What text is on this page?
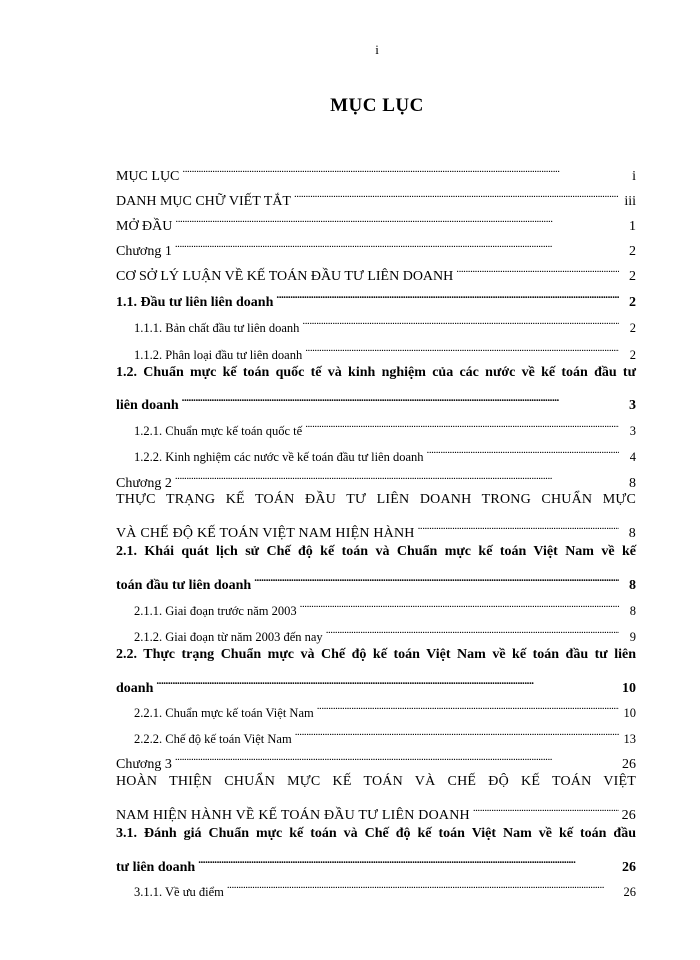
i
MỤC LỤC
MỤC LỤC . . .	i
DANH MỤC CHỮ VIẾT TẮT . . .	iii
MỞ ĐẦU . . .	1
Chương 1 . . .	2
CƠ SỞ LÝ LUẬN VỀ KẾ TOÁN ĐẦU TƯ LIÊN DOANH . . .	2
1.1. Đầu tư liên liên doanh . . .	2
1.1.1. Bản chất đầu tư liên doanh . . .	2
1.1.2. Phân loại đầu tư liên doanh . . .	2
1.2. Chuẩn mực kế toán quốc tế và kinh nghiệm của các nước về kế toán đầu tư
liên doanh . . .	3
1.2.1. Chuẩn mực kế toán quốc tế . . .	3
1.2.2. Kinh nghiệm các nước về kế toán đầu tư liên doanh . . .	4
Chương 2 . . .	8
THỰC TRẠNG KẾ TOÁN ĐẦU TƯ LIÊN DOANH TRONG CHUẨN MỰC
VÀ CHẾ ĐỘ KẾ TOÁN VIỆT NAM HIỆN HÀNH . . .	8
2.1. Khái quát lịch sử Chế độ kế toán và Chuẩn mực kế toán Việt Nam về kế
toán đầu tư liên doanh . . .	8
2.1.1. Giai đoạn trước năm 2003 . . .	8
2.1.2. Giai đoạn từ năm 2003 đến nay . . .	9
2.2. Thực trạng Chuẩn mực và Chế độ kế toán Việt Nam về kế toán đầu tư liên
doanh . . .	10
2.2.1. Chuẩn mực kế toán Việt Nam . . .	10
2.2.2. Chế độ kế toán Việt Nam . . .	13
Chương 3 . . .	26
HOÀN THIỆN CHUẨN MỰC KẾ TOÁN VÀ CHẾ ĐỘ KẾ TOÁN VIỆT
NAM HIỆN HÀNH VỀ KẾ TOÁN ĐẦU TƯ LIÊN DOANH . . .	26
3.1. Đánh giá Chuẩn mực kế toán và Chế độ kế toán Việt Nam về kế toán đầu
tư liên doanh . . .	26
3.1.1. Về ưu điểm . . .	26
